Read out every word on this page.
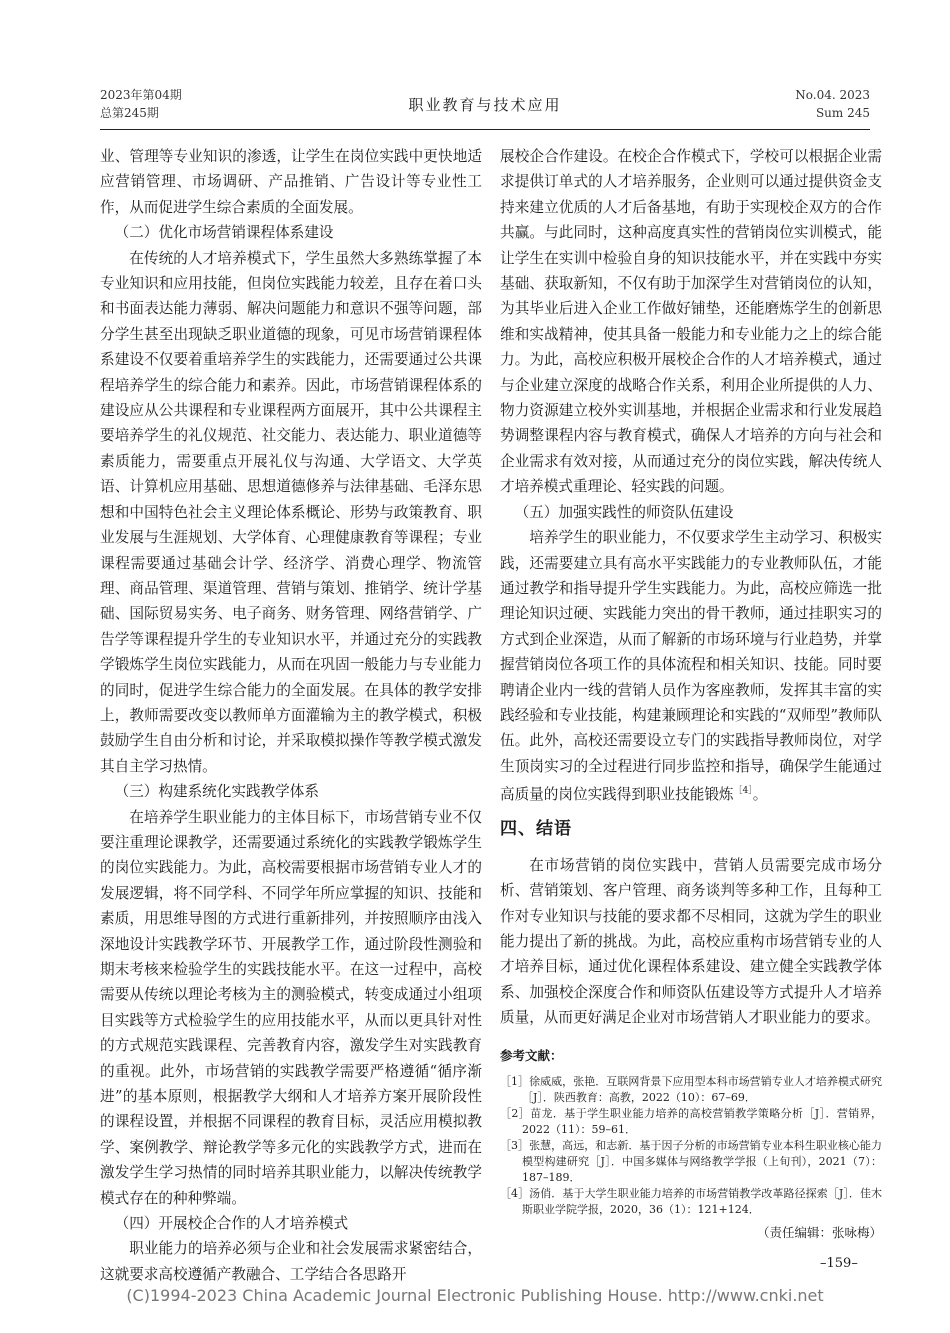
2023年第04期
总第245期	职业教育与技术应用
No.04. 2023
Sum 245

业、管理等专业知识的渗透，让学生在岗位实践中更快地适应营销管理、市场调研、产品推销、广告设计等专业性工作，从而促进学生综合素质的全面发展。

（二）优化市场营销课程体系建设

在传统的人才培养模式下，学生虽然大多熟练掌握了本专业知识和应用技能，但岗位实践能力较差，且存在着口头和书面表达能力薄弱、解决问题能力和意识不强等问题，部分学生甚至出现缺乏职业道德的现象，可见市场营销课程体系建设不仅要着重培养学生的实践能力，还需要通过公共课程培养学生的综合能力和素养。因此，市场营销课程体系的建设应从公共课程和专业课程两方面展开，其中公共课程主要培养学生的礼仪规范、社交能力、表达能力、职业道德等素质能力，需要重点开展礼仪与沟通、大学语文、大学英语、计算机应用基础、思想道德修养与法律基础、毛泽东思想和中国特色社会主义理论体系概论、形势与政策教育、职业发展与生涯规划、大学体育、心理健康教育等课程；专业课程需要通过基础会计学、经济学、消费心理学、物流管理、商品管理、渠道管理、营销与策划、推销学、统计学基础、国际贸易实务、电子商务、财务管理、网络营销学、广告学等课程提升学生的专业知识水平，并通过充分的实践教学锻炼学生岗位实践能力，从而在巩固一般能力与专业能力的同时，促进学生综合能力的全面发展。在具体的教学安排上，教师需要改变以教师单方面灌输为主的教学模式，积极鼓励学生自由分析和讨论，并采取模拟操作等教学模式激发其自主学习热情。

（三）构建系统化实践教学体系

在培养学生职业能力的主体目标下，市场营销专业不仅要注重理论课教学，还需要通过系统化的实践教学锻炼学生的岗位实践能力。为此，高校需要根据市场营销专业人才的发展逻辑，将不同学科、不同学年所应掌握的知识、技能和素质，用思维导图的方式进行重新排列，并按照顺序由浅入深地设计实践教学环节、开展教学工作，通过阶段性测验和期末考核来检验学生的实践技能水平。在这一过程中，高校需要从传统以理论考核为主的测验模式，转变成通过小组项目实践等方式检验学生的应用技能水平，从而以更具针对性的方式规范实践课程、完善教育内容，激发学生对实践教育的重视。此外，市场营销的实践教学需要严格遵循“循序渐进”的基本原则，根据教学大纲和人才培养方案开展阶段性的课程设置，并根据不同课程的教育目标，灵活应用模拟教学、案例教学、辩论教学等多元化的实践教学方式，进而在激发学生学习热情的同时培养其职业能力，以解决传统教学模式存在的种种弊端。

（四）开展校企合作的人才培养模式

职业能力的培养必须与企业和社会发展需求紧密结合，这就要求高校遵循产教融合、工学结合各思路开

展校企合作建设。在校企合作模式下，学校可以根据企业需求提供订单式的人才培养服务，企业则可以通过提供资金支持来建立优质的人才后备基地，有助于实现校企双方的合作共赢。与此同时，这种高度真实性的营销岗位实训模式，能让学生在实训中检验自身的知识技能水平，并在实践中夯实基础、获取新知，不仅有助于加深学生对营销岗位的认知，为其毕业后进入企业工作做好铺垫，还能磨炼学生的创新思维和实战精神，使其具备一般能力和专业能力之上的综合能力。为此，高校应积极开展校企合作的人才培养模式，通过与企业建立深度的战略合作关系，利用企业所提供的人力、物力资源建立校外实训基地，并根据企业需求和行业发展趋势调整课程内容与教育模式，确保人才培养的方向与社会和企业需求有效对接，从而通过充分的岗位实践，解决传统人才培养模式重理论、轻实践的问题。

（五）加强实践性的师资队伍建设

培养学生的职业能力，不仅要求学生主动学习、积极实践，还需要建立具有高水平实践能力的专业教师队伍，才能通过教学和指导提升学生实践能力。为此，高校应筛选一批理论知识过硬、实践能力突出的骨干教师，通过挂职实习的方式到企业深造，从而了解新的市场环境与行业趋势，并掌握营销岗位各项工作的具体流程和相关知识、技能。同时要聘请企业内一线的营销人员作为客座教师，发挥其丰富的实践经验和专业技能，构建兼顾理论和实践的“双师型”教师队伍。此外，高校还需要设立专门的实践指导教师岗位，对学生顶岗实习的全过程进行同步监控和指导，确保学生能通过高质量的岗位实践得到职业技能锻炼$^{[4]}$。

四、结语

在市场营销的岗位实践中，营销人员需要完成市场分析、营销策划、客户管理、商务谈判等多种工作，且每种工作对专业知识与技能的要求都不尽相同，这就为学生的职业能力提出了新的挑战。为此，高校应重构市场营销专业的人才培养目标，通过优化课程体系建设、建立健全实践教学体系、加强校企深度合作和师资队伍建设等方式提升人才培养质量，从而更好满足企业对市场营销人才职业能力的要求。

参考文献：

［1］徐威威，张艳．互联网背景下应用型本科市场营销专业人才培养模式研究［J］．陕西教育：高教，2022（10）：67–69．

［2］苗龙．基于学生职业能力培养的高校营销教学策略分析［J］．营销界，2022（11）：59–61．

［3］张慧，高远，和志新．基于因子分析的市场营销专业本科生职业核心能力模型构建研究［J］．中国多媒体与网络教学学报（上旬刊），2021（7）：187–189．

［4］汤俏．基于大学生职业能力培养的市场营销教学改革路径探索［J］．佳木斯职业学院学报，2020，36（1）：121+124．

（责任编辑：张咏梅）

–159–
(C)1994-2023 China Academic Journal Electronic Publishing House. http://www.cnki.net
